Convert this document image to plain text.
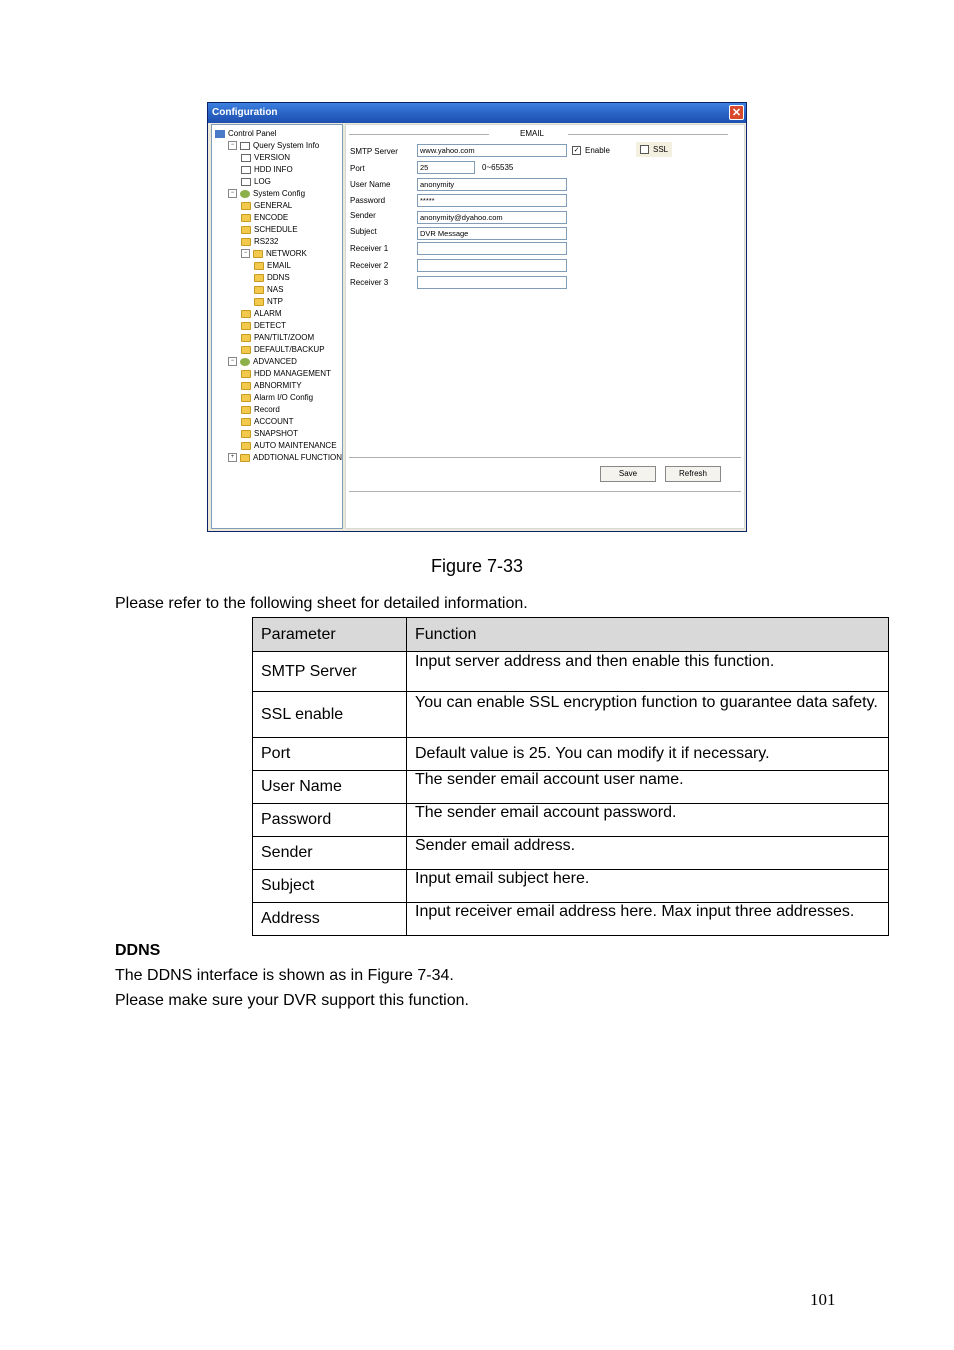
Configuration	✕
Control Panel
− Query System Info
VERSION
HDD INFO
LOG
− System Config
GENERAL
ENCODE
SCHEDULE
RS232
− NETWORK
EMAIL
DDNS
NAS
NTP
ALARM
DETECT
PAN/TILT/ZOOM
DEFAULT/BACKUP
− ADVANCED
HDD MANAGEMENT
ABNORMITY
Alarm I/O Config
Record
ACCOUNT
SNAPSHOT
AUTO MAINTENANCE
+ ADDTIONAL FUNCTION
EMAIL
SMTP Server	www.yahoo.com	✓ Enable	SSL
Port	25	0~65535
User Name	anonymity
Password	*****
Sender	anonymity@dyahoo.com
Subject	DVR Message
Receiver 1
Receiver 2
Receiver 3
Save	Refresh
Figure 7-33
Please refer to the following sheet for detailed information.
Parameter	Function
SMTP Server	Input server address and then enable this function.
SSL enable	You can enable SSL encryption function to guarantee data safety.
Port	Default value is 25. You can modify it if necessary.
User Name	The sender email account user name.
Password	The sender email account password.
Sender	Sender email address.
Subject	Input email subject here.
Address	Input receiver email address here. Max input three addresses.
DDNS
The DDNS interface is shown as in Figure 7-34.
Please make sure your DVR support this function.
101
